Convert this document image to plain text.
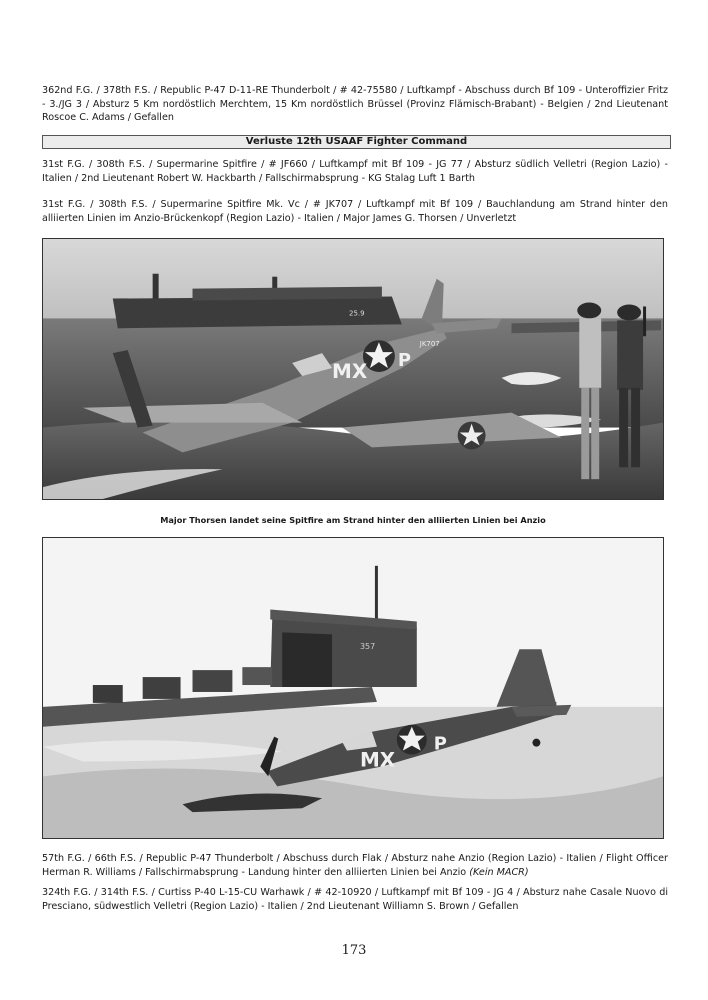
362nd F.G. / 378th F.S. / Republic P-47 D-11-RE Thunderbolt / # 42-75580 / Luftkampf - Abschuss durch Bf 109 - Unteroffizier Fritz - 3./JG 3 / Absturz 5 Km nordöstlich Merchtem, 15 Km nordöstlich Brüssel (Provinz Flämisch-Brabant) - Belgien / 2nd Lieutenant Roscoe C. Adams / Gefallen
Verluste 12th USAAF Fighter Command
31st F.G. / 308th F.S. / Supermarine Spitfire / # JF660 / Luftkampf mit Bf 109 - JG 77 / Absturz südlich Velletri (Region Lazio) - Italien / 2nd Lieutenant Robert W. Hackbarth / Fallschirmabsprung - KG Stalag Luft 1 Barth
31st F.G. / 308th F.S. / Supermarine Spitfire Mk. Vc / # JK707 / Luftkampf mit Bf 109 / Bauchlandung am Strand hinter den alliierten Linien im Anzio-Brückenkopf (Region Lazio) - Italien / Major James G. Thorsen / Unverletzt
25.9
MX P
JK707
Major Thorsen landet seine Spitfire am Strand hinter den alliierten Linien bei Anzio
357
MX
P
57th F.G. / 66th F.S. / Republic P-47 Thunderbolt / Abschuss durch Flak / Absturz nahe Anzio (Region Lazio) - Italien / Flight Officer Herman R. Williams / Fallschirmabsprung - Landung hinter den alliierten Linien bei Anzio (Kein MACR)
324th F.G. / 314th F.S. / Curtiss P-40 L-15-CU Warhawk / # 42-10920 / Luftkampf mit Bf 109 - JG 4 / Absturz nahe Casale Nuovo di Presciano, südwestlich Velletri (Region Lazio) - Italien / 2nd Lieutenant Williamn S. Brown / Gefallen
173
